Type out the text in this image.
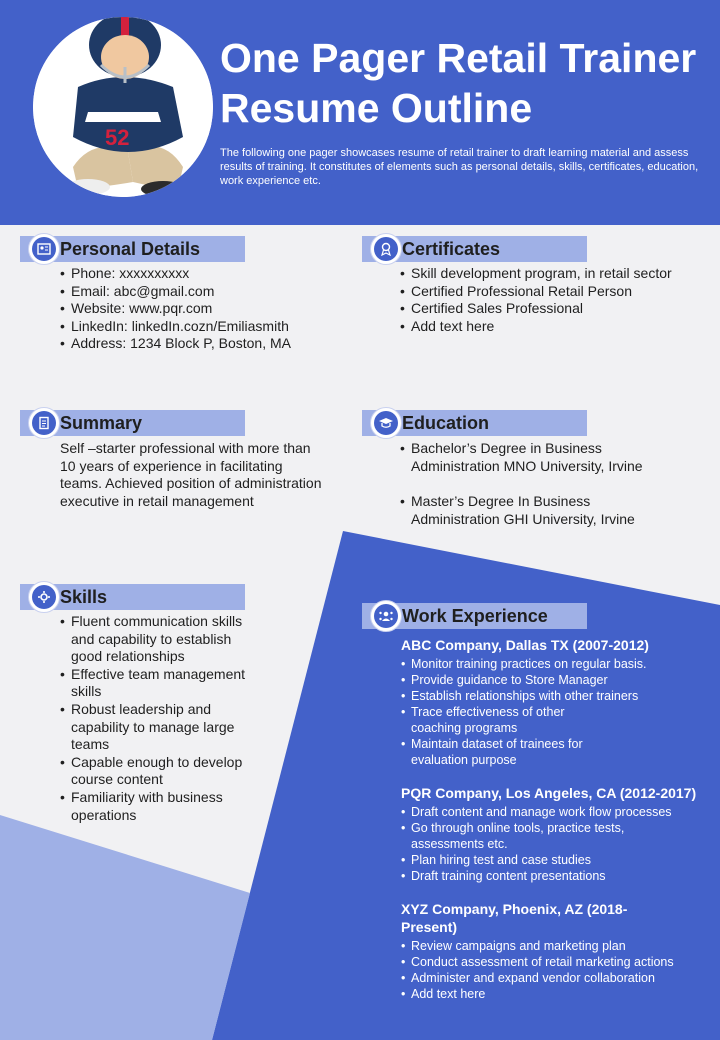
52
One Pager Retail Trainer Resume Outline
The following one pager showcases resume of retail trainer to draft learning material and assess results of training. It constitutes of elements such as personal details, skills, certificates, education, work experience etc.
Personal Details
• Phone: xxxxxxxxxx
• Email: abc@gmail.com
• Website: www.pqr.com
• LinkedIn: linkedIn.cozn/Emiliasmith
• Address: 1234 Block P, Boston, MA
Certificates
• Skill development program, in retail sector
• Certified Professional Retail Person
• Certified Sales Professional
• Add text here
Summary
Self –starter professional with more than 10 years of experience in facilitating teams. Achieved position of administration executive in retail management
Education
• Bachelor’s Degree in Business Administration MNO University, Irvine
• Master’s Degree In Business Administration GHI University, Irvine
Skills
• Fluent communication skills and capability to establish good relationships
• Effective team management skills
• Robust leadership and capability to manage large teams
• Capable enough to develop course content
• Familiarity with business operations
Work Experience
ABC Company, Dallas TX (2007-2012)
• Monitor training practices on regular basis.
• Provide guidance to Store Manager
• Establish relationships with other trainers
• Trace effectiveness of other coaching programs
• Maintain dataset of trainees for evaluation purpose
PQR Company, Los Angeles, CA (2012-2017)
• Draft content and manage work flow processes
• Go through online tools, practice tests, assessments etc.
• Plan hiring test and case studies
• Draft training content presentations
XYZ Company, Phoenix, AZ (2018-Present)
• Review campaigns and marketing plan
• Conduct assessment of retail marketing actions
• Administer and expand vendor collaboration
• Add text here
